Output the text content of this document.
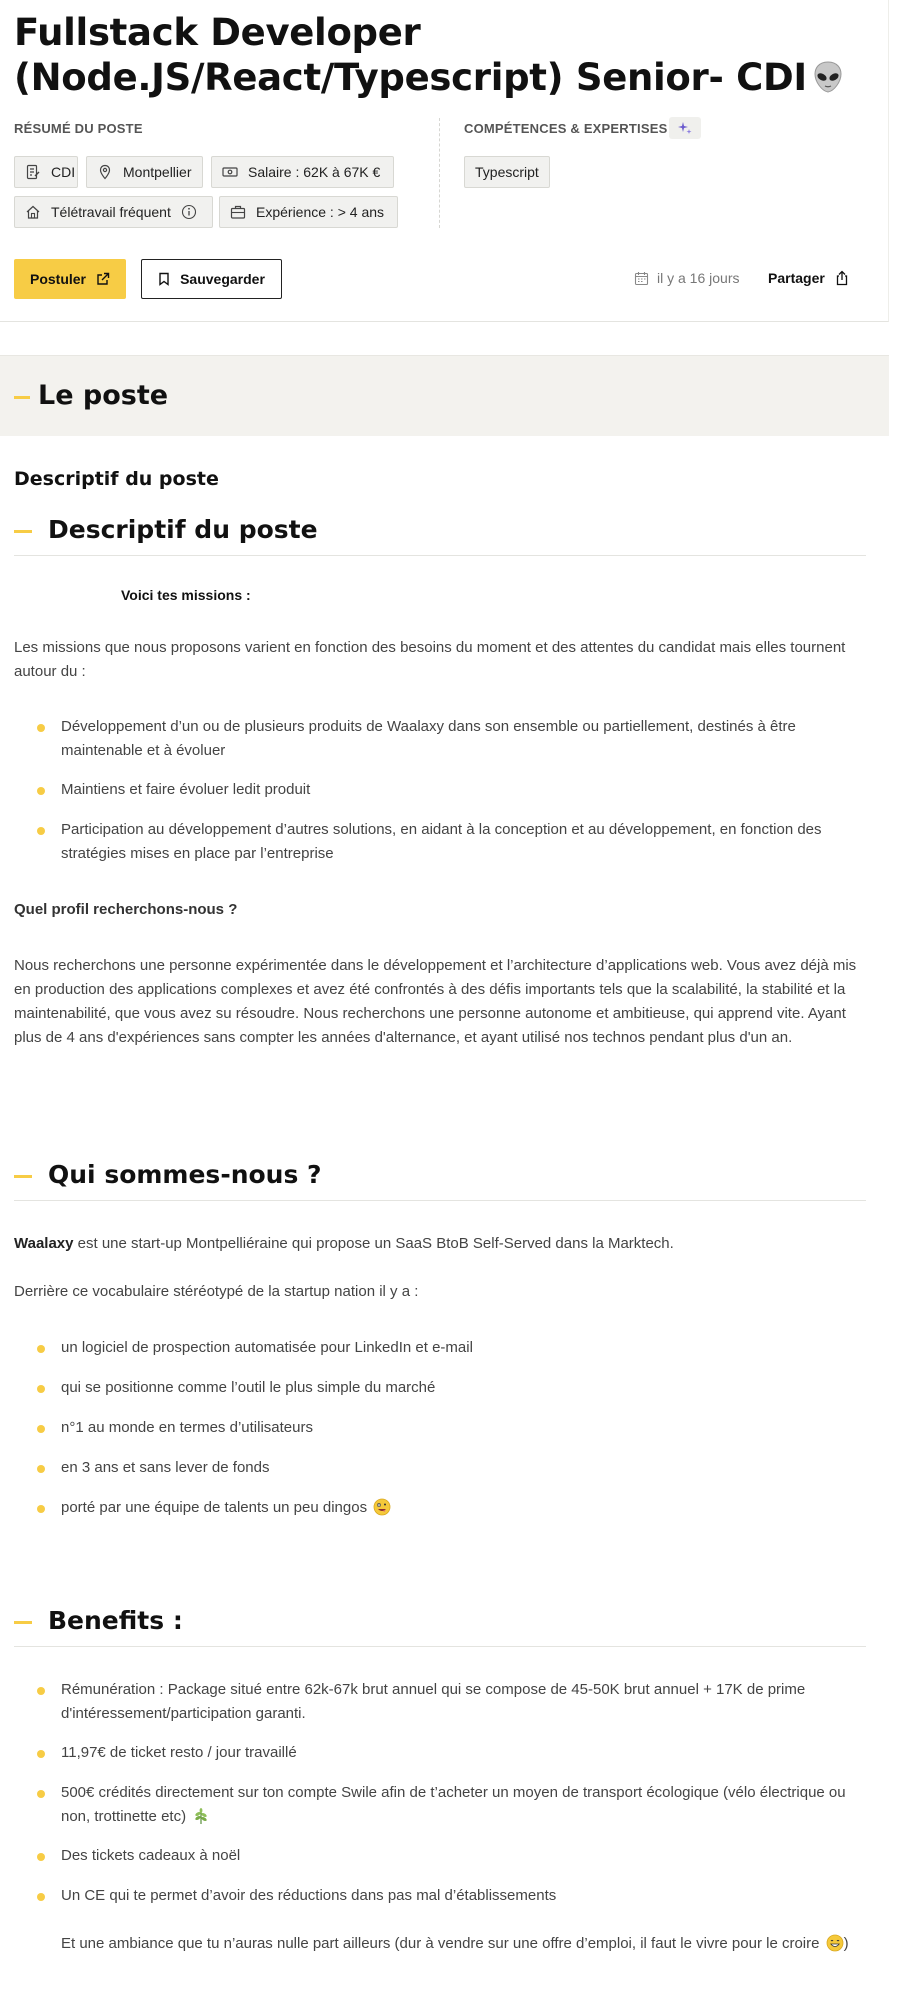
Fullstack Developer (Node.JS/React/Typescript) Senior- CDI
RÉSUMÉ DU POSTE	COMPÉTENCES & EXPERTISES
CDI	Montpellier	Salaire : 62K à 67K €
Télétravail fréquent	Expérience : > 4 ans
Typescript
Postuler	Sauvegarder	il y a 16 jours Partager
Le poste
Descriptif du poste
Descriptif du poste
Voici tes missions :
Les missions que nous proposons varient en fonction des besoins du moment et des attentes du candidat mais elles tournent autour du :
Développement d’un ou de plusieurs produits de Waalaxy dans son ensemble ou partiellement, destinés à être maintenable et à évoluer
Maintiens et faire évoluer ledit produit
Participation au développement d’autres solutions, en aidant à la conception et au développement, en fonction des stratégies mises en place par l’entreprise
Quel profil recherchons-nous ?
Nous recherchons une personne expérimentée dans le développement et l’architecture d’applications web. Vous avez déjà mis en production des applications complexes et avez été confrontés à des défis importants tels que la scalabilité, la stabilité et la maintenabilité, que vous avez su résoudre. Nous recherchons une personne autonome et ambitieuse, qui apprend vite. Ayant plus de 4 ans d'expériences sans compter les années d'alternance, et ayant utilisé nos technos pendant plus d'un an.
Qui sommes-nous ?
Waalaxy est une start-up Montpelliéraine qui propose un SaaS BtoB Self-Served dans la Marktech.
Derrière ce vocabulaire stéréotypé de la startup nation il y a :
un logiciel de prospection automatisée pour LinkedIn et e-mail
qui se positionne comme l’outil le plus simple du marché
n°1 au monde en termes d’utilisateurs
en 3 ans et sans lever de fonds
porté par une équipe de talents un peu dingos
Benefits :
Rémunération : Package situé entre 62k-67k brut annuel qui se compose de 45-50K brut annuel + 17K de prime d'intéressement/participation garanti.
11,97€ de ticket resto / jour travaillé
500€ crédités directement sur ton compte Swile afin de t’acheter un moyen de transport écologique (vélo électrique ou non, trottinette etc)
Des tickets cadeaux à noël
Un CE qui te permet d’avoir des réductions dans pas mal d’établissements
Et une ambiance que tu n’auras nulle part ailleurs (dur à vendre sur une offre d’emploi, il faut le vivre pour le croire )
